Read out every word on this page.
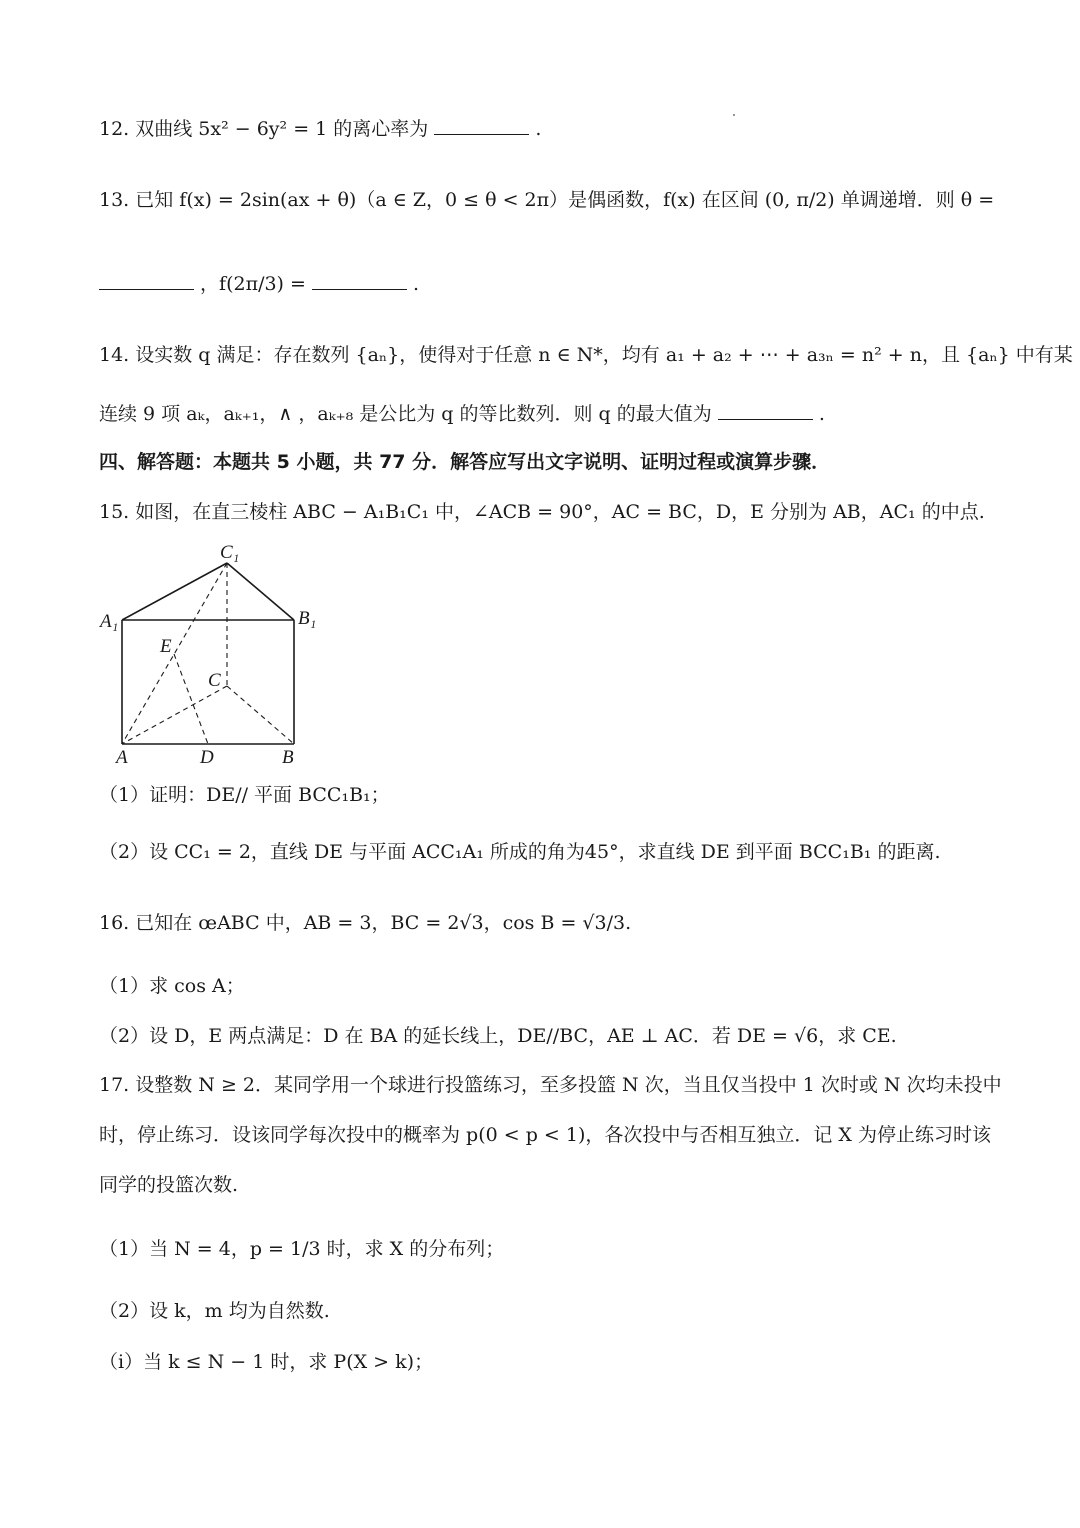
12. 双曲线 5x² − 6y² = 1 的离心率为	.
13. 已知 f(x) = 2sin(ax + θ)（a ∈ Z，0 ≤ θ < 2π）是偶函数，f(x) 在区间 (0, π/2) 单调递增．则 θ =
，f(2π/3) =	.
14. 设实数 q 满足：存在数列 {aₙ}，使得对于任意 n ∈ N*，均有 a₁ + a₂ + ⋯ + a₃ₙ = n² + n，且 {aₙ} 中有某
连续 9 项 aₖ，aₖ₊₁，∧ ，aₖ₊₈ 是公比为 q 的等比数列．则 q 的最大值为	.
四、解答题：本题共 5 小题，共 77 分．解答应写出文字说明、证明过程或演算步骤．
15. 如图，在直三棱柱 ABC − A₁B₁C₁ 中，∠ACB = 90°，AC = BC，D，E 分别为 AB，AC₁ 的中点.
C₁
A₁	B₁
E
C
A	D	B
（1）证明：DE// 平面 BCC₁B₁；
（2）设 CC₁ = 2，直线 DE 与平面 ACC₁A₁ 所成的角为45°，求直线 DE 到平面 BCC₁B₁ 的距离.
16. 已知在 œABC 中，AB = 3，BC = 2√3，cos B = √3/3.
（1）求 cos A；
（2）设 D，E 两点满足：D 在 BA 的延长线上，DE//BC，AE ⊥ AC．若 DE = √6，求 CE.
17. 设整数 N ≥ 2．某同学用一个球进行投篮练习，至多投篮 N 次，当且仅当投中 1 次时或 N 次均未投中
时，停止练习．设该同学每次投中的概率为 p(0 < p < 1)，各次投中与否相互独立．记 X 为停止练习时该
同学的投篮次数.
（1）当 N = 4，p = 1/3 时，求 X 的分布列；
（2）设 k，m 均为自然数.
（i）当 k ≤ N − 1 时，求 P(X > k)；
